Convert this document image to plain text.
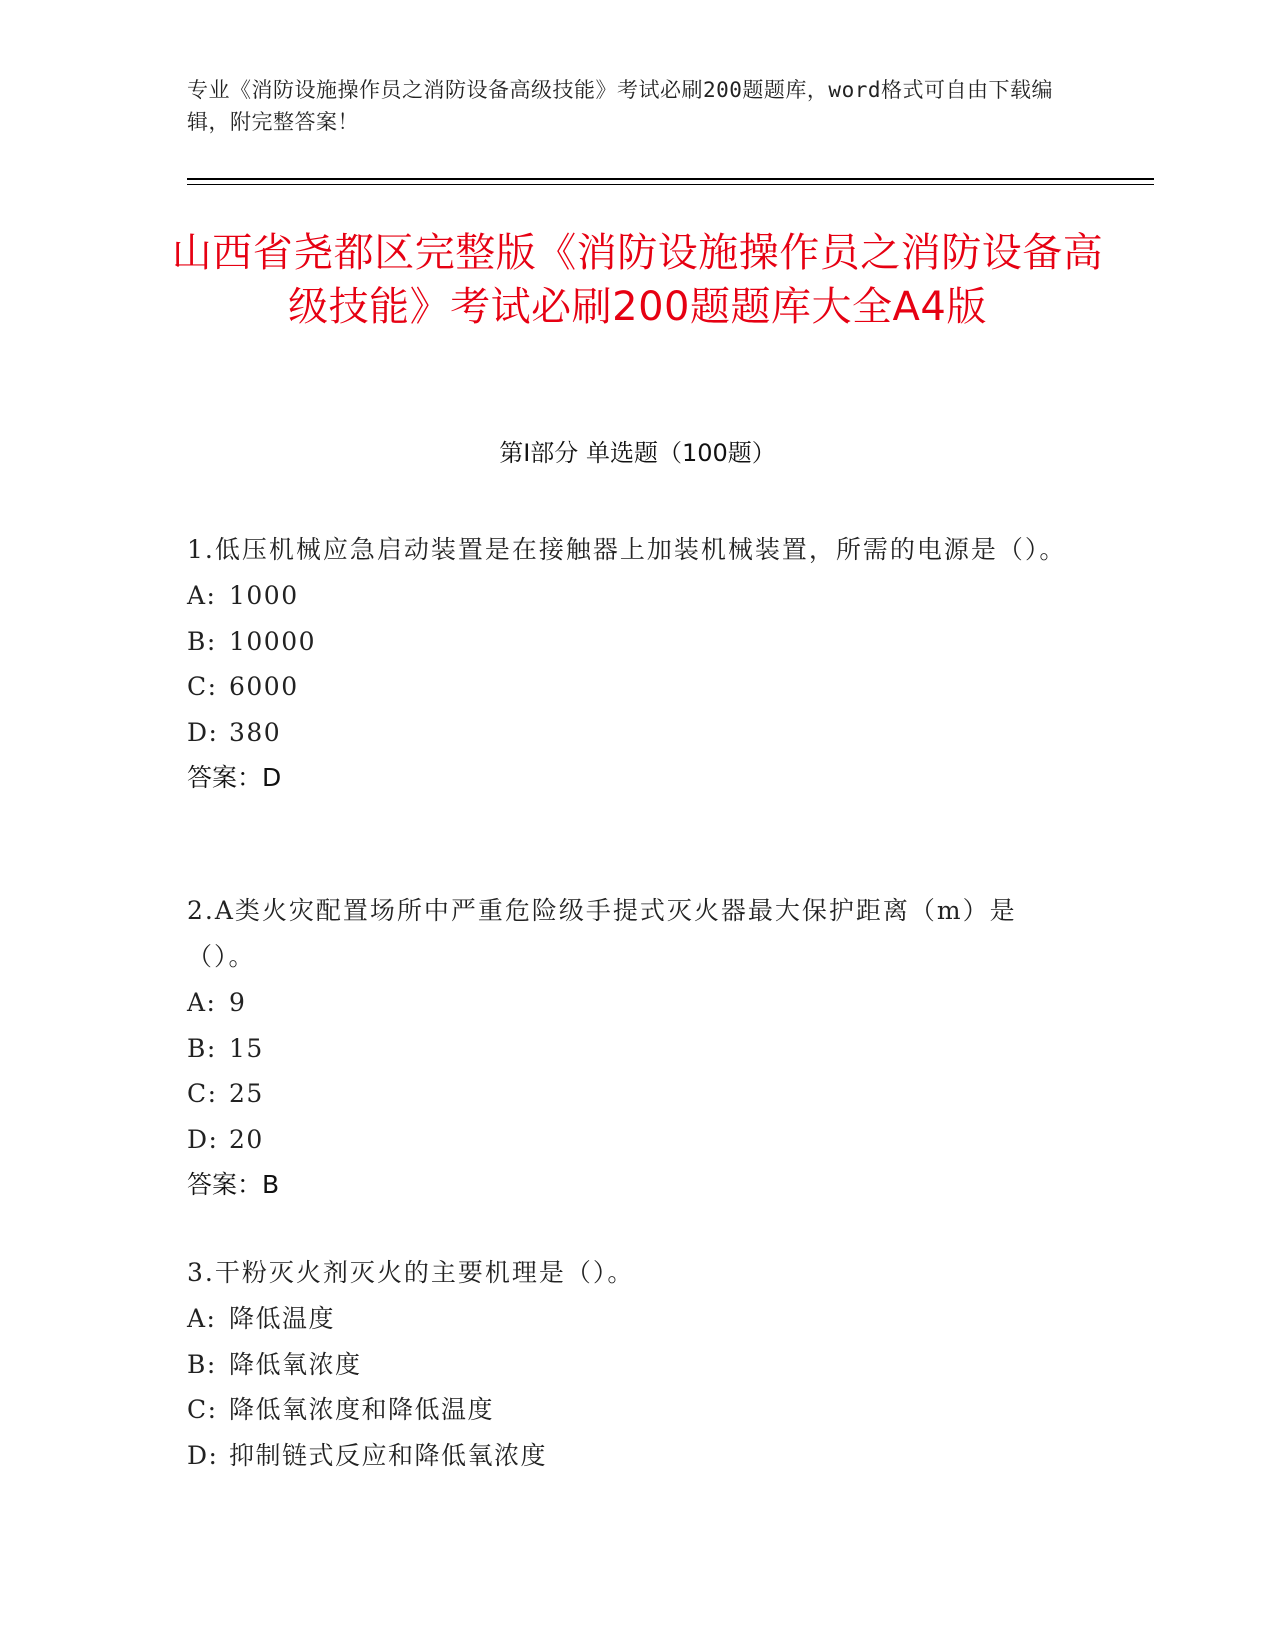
专业《消防设施操作员之消防设备高级技能》考试必刷200题题库，word格式可自由下载编辑，附完整答案！
山西省尧都区完整版《消防设施操作员之消防设备高级技能》考试必刷200题题库大全A4版
第Ⅰ部分 单选题（100题）

1.低压机械应急启动装置是在接触器上加装机械装置，所需的电源是（）。

A: 1000

B: 10000

C: 6000

D: 380

答案：D

2.A类火灾配置场所中严重危险级手提式灭火器最大保护距离（m）是（）。

A: 9

B: 15

C: 25

D: 20

答案：B

3.干粉灭火剂灭火的主要机理是（）。

A: 降低温度

B: 降低氧浓度

C: 降低氧浓度和降低温度

D: 抑制链式反应和降低氧浓度
